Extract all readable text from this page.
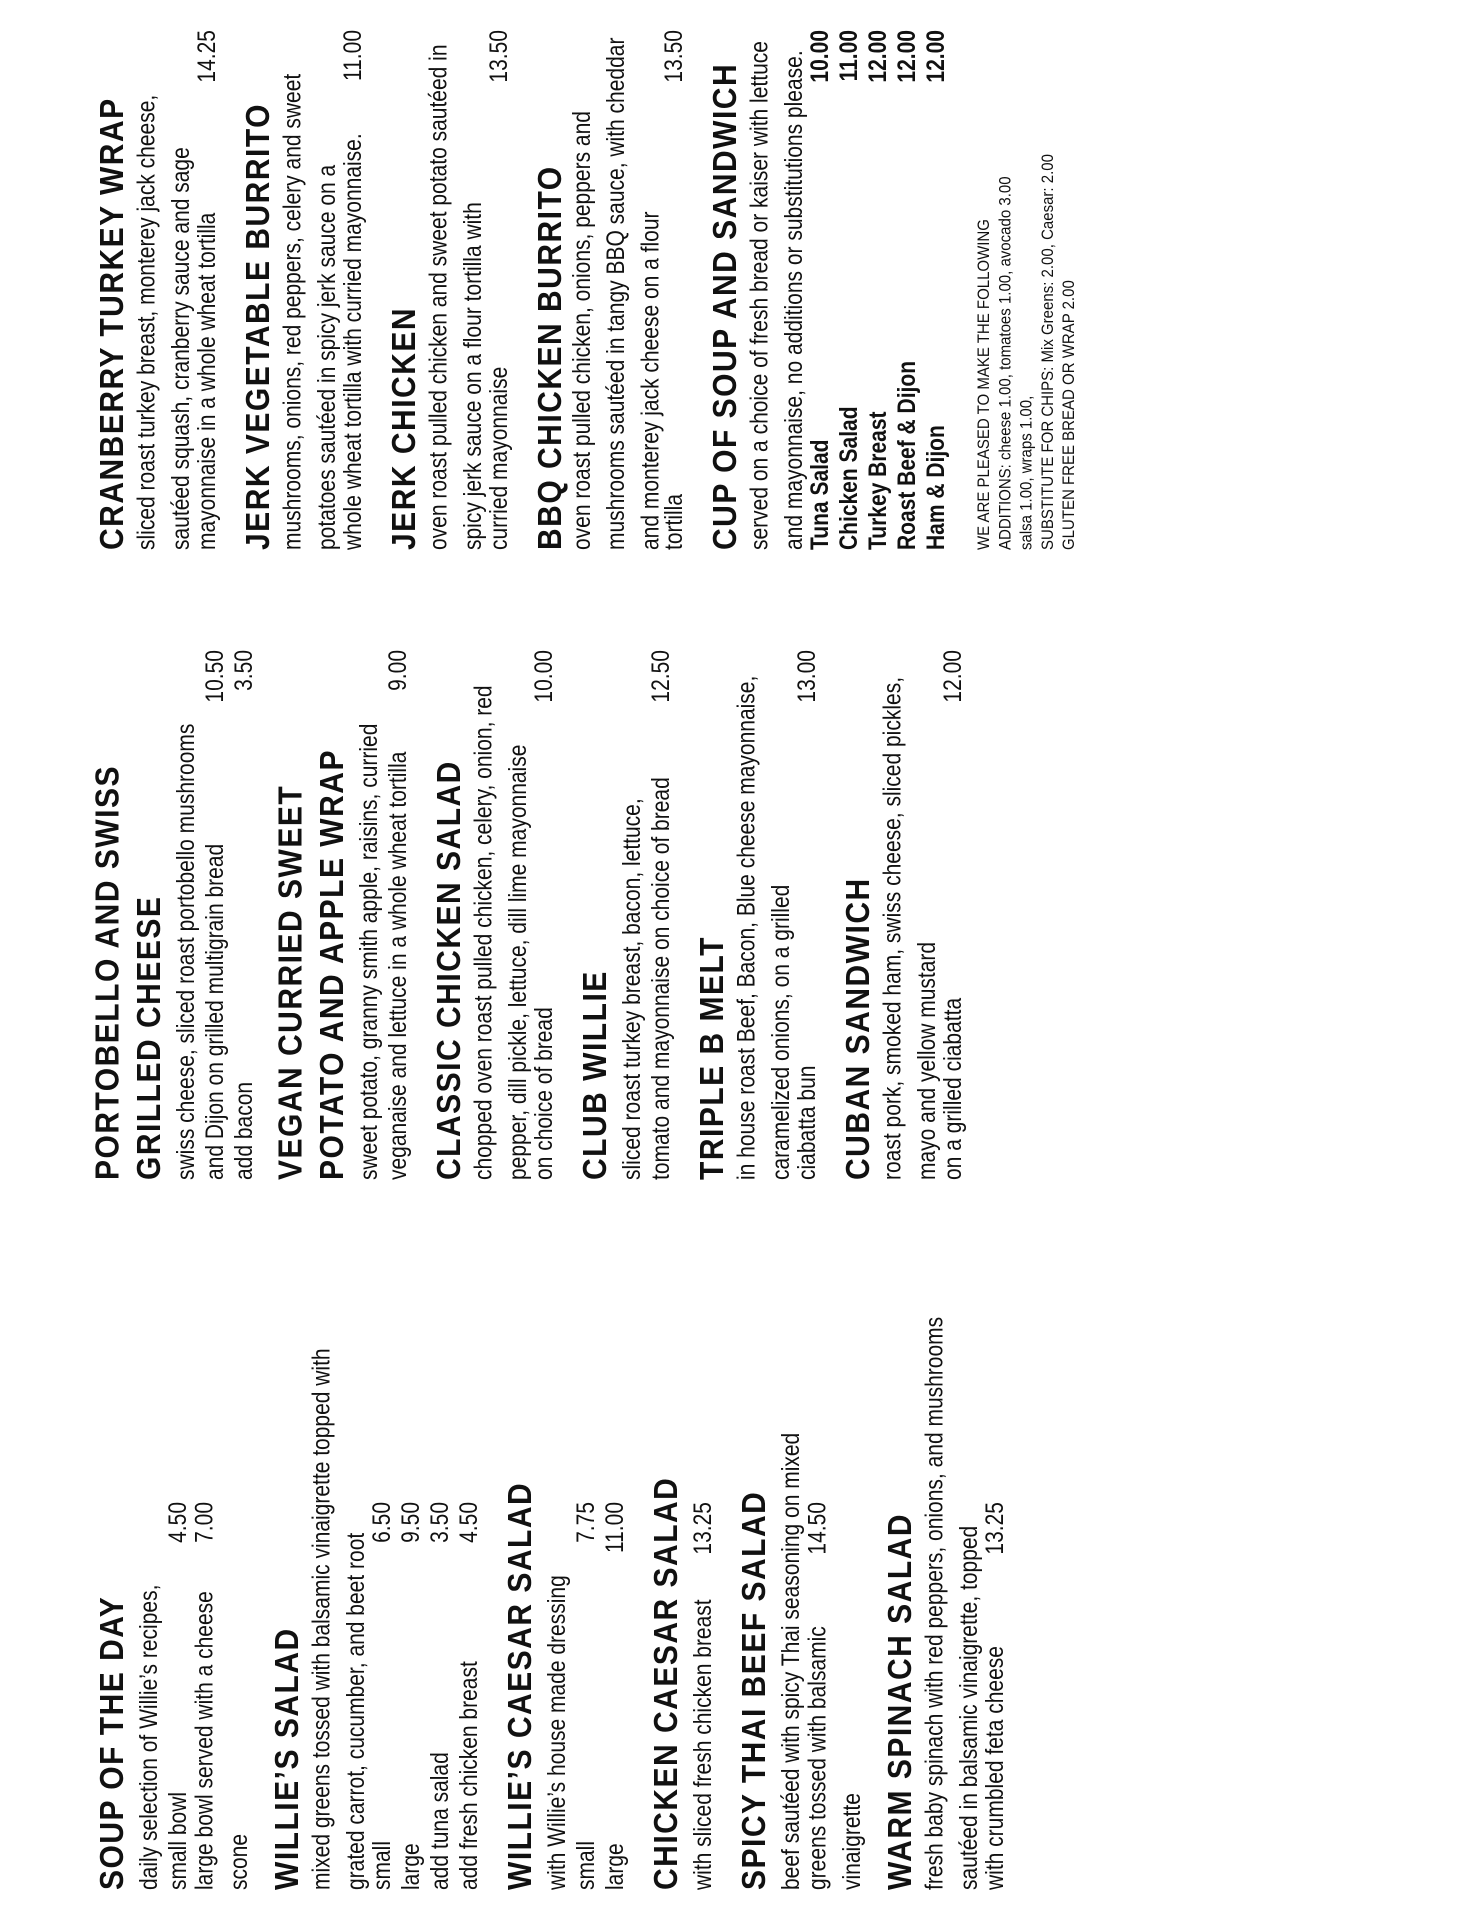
SOUP OF THE DAY daily selection of Willie’s recipes, small bowl
4.50
large bowl served with a cheese scone
7.00
WILLIE’S SALAD mixed greens tossed with balsamic vinaigrette topped with grated carrot, cucumber, and beet root small
6.50
large
9.50
add tuna salad
3.50
add fresh chicken breast
4.50 WILLIE’S CAESAR SALAD with Willie’s house made dressing small
7.75
large
11.00 CHICKEN CAESAR SALAD with sliced fresh chicken breast
13.25 SPICY THAI BEEF SALAD beef sautéed with spicy Thai seasoning on mixed greens tossed with balsamic vinaigrette
14.50 WARM SPINACH SALAD fresh baby spinach with red peppers, onions, and mushrooms sautéed in balsamic vinaigrette, topped with crumbled feta cheese
13.25
PORTOBELLO AND SWISS GRILLED CHEESE swiss cheese, sliced roast portobello mushrooms and Dijon on grilled multigrain bread
10.50
add bacon
3.50
VEGAN CURRIED SWEET POTATO AND APPLE WRAP sweet potato, granny smith apple, raisins, curried veganaise and lettuce in a whole wheat tortilla
9.00
CLASSIC CHICKEN SALAD chopped oven roast pulled chicken, celery, onion, red pepper, dill pickle, lettuce, dill lime mayonnaise on choice of bread
10.00
CLUB WILLIE sliced roast turkey breast, bacon, lettuce, tomato and mayonnaise on choice of bread
12.50
TRIPLE B MELT in house roast Beef, Bacon, Blue cheese mayonnaise, caramelized onions, on a grilled ciabatta bun
13.00
CUBAN SANDWICH roast pork, smoked ham, swiss cheese, sliced pickles, mayo and yellow mustard on a grilled ciabatta
12.00
CRANBERRY TURKEY WRAP sliced roast turkey breast, monterey jack cheese, sautéed squash, cranberry sauce and sage mayonnaise in a whole wheat tortilla
14.25
JERK VEGETABLE BURRITO mushrooms, onions, red peppers, celery and sweet potatoes sautéed in spicy jerk sauce on a whole wheat tortilla with curried mayonnaise.
11.00
JERK CHICKEN oven roast pulled chicken and sweet potato sautéed in spicy jerk sauce on a flour tortilla with curried mayonnaise
13.50
BBQ CHICKEN BURRITO oven roast pulled chicken, onions, peppers and mushrooms sautéed in tangy BBQ sauce, with cheddar and monterey jack cheese on a flour
tortilla
13.50
CUP OF SOUP AND SANDWICH served on a choice of fresh bread or kaiser with lettuce and mayonnaise, no additions or substitutions please. Tuna Salad
10.00
Chicken Salad
11.00
Turkey Breast
12.00
Roast Beef & Dijon
12.00
Ham & Dijon
12.00
WE ARE PLEASED TO MAKE THE FOLLOWING ADDITIONS: cheese 1.00, tomatoes 1.00, avocado 3.00 salsa 1.00, wraps 1.00, SUBSTITUTE FOR CHIPS: Mix Greens: 2.00, Caesar: 2.00 GLUTEN FREE BREAD OR WRAP 2.00
